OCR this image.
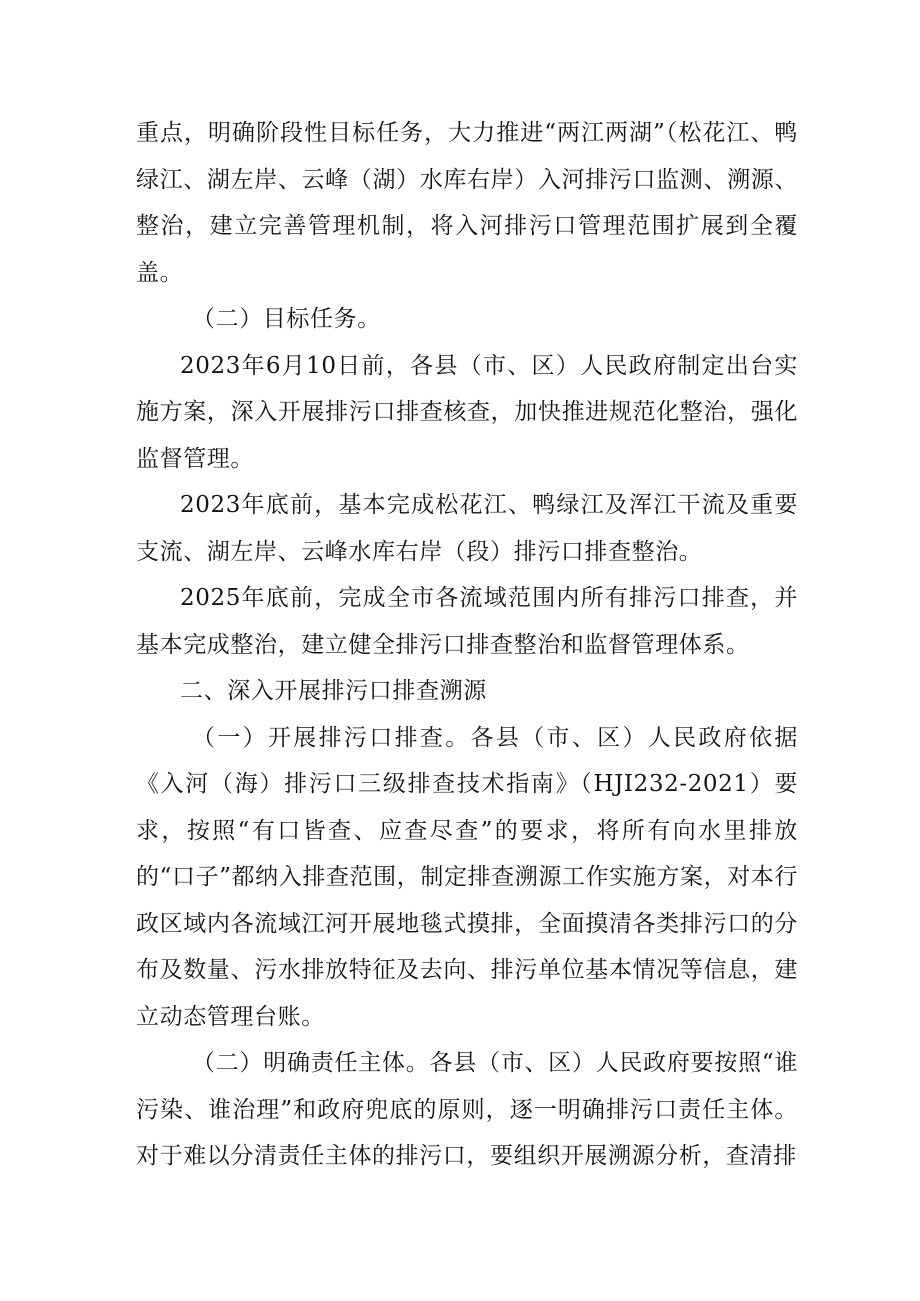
重点，明确阶段性目标任务，大力推进“两江两湖”（松花江、鸭绿江、湖左岸、云峰（湖）水库右岸）入河排污口监测、溯源、整治，建立完善管理机制，将入河排污口管理范围扩展到全覆盖。

（二）目标任务。

2023年6月10日前，各县（市、区）人民政府制定出台实施方案，深入开展排污口排查核查，加快推进规范化整治，强化监督管理。

2023年底前，基本完成松花江、鸭绿江及浑江干流及重要支流、湖左岸、云峰水库右岸（段）排污口排查整治。

2025年底前，完成全市各流域范围内所有排污口排查，并基本完成整治，建立健全排污口排查整治和监督管理体系。

二、深入开展排污口排查溯源

（一）开展排污口排查。各县（市、区）人民政府依据《入河（海）排污口三级排查技术指南》（HJI232-2021）要求，按照“有口皆查、应查尽查”的要求，将所有向水里排放的“口子”都纳入排查范围，制定排查溯源工作实施方案，对本行政区域内各流域江河开展地毯式摸排，全面摸清各类排污口的分布及数量、污水排放特征及去向、排污单位基本情况等信息，建立动态管理台账。

（二）明确责任主体。各县（市、区）人民政府要按照“谁污染、谁治理”和政府兜底的原则，逐一明确排污口责任主体。对于难以分清责任主体的排污口，要组织开展溯源分析，查清排
